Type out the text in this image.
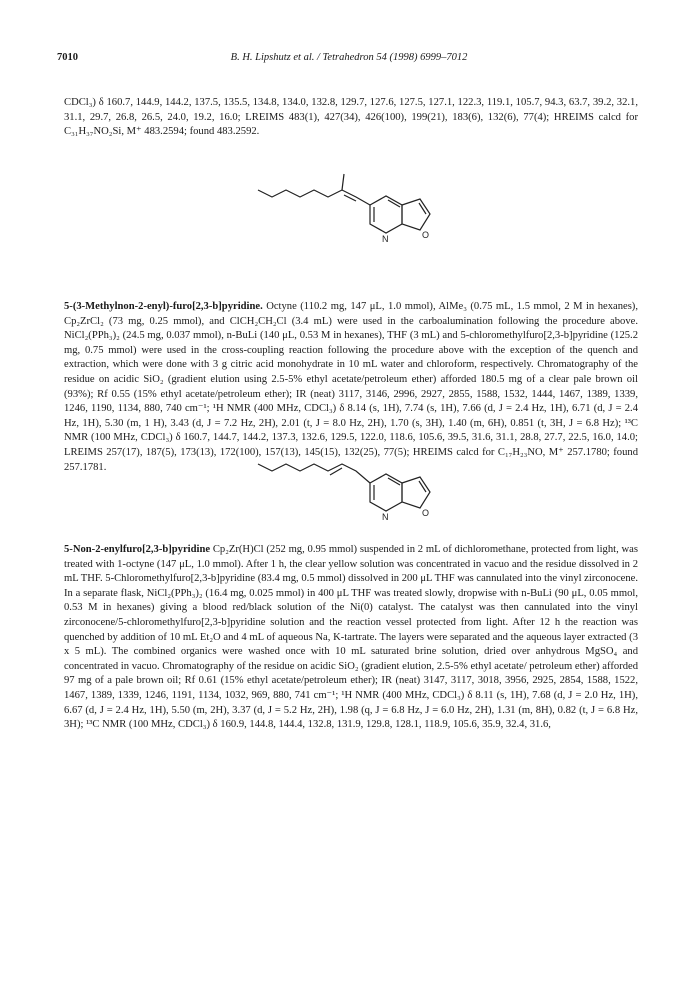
7010	B. H. Lipshutz et al. / Tetrahedron 54 (1998) 6999–7012

CDCl₃) δ 160.7, 144.9, 144.2, 137.5, 135.5, 134.8, 134.0, 132.8, 129.7, 127.6, 127.5, 127.1, 122.3, 119.1, 105.7, 94.3, 63.7, 39.2, 32.1, 31.1, 29.7, 26.8, 26.5, 24.0, 19.2, 16.0; LREIMS 483(1), 427(34), 426(100), 199(21), 183(6), 132(6), 77(4); HREIMS calcd for C₃₁H₃₇NO₂Si, M⁺ 483.2594; found 483.2592.

N	O

5-(3-Methylnon-2-enyl)-furo[2,3-b]pyridine. Octyne (110.2 mg, 147 μL, 1.0 mmol), AlMe₃ (0.75 mL, 1.5 mmol, 2 M in hexanes), Cp₂ZrCl₂ (73 mg, 0.25 mmol), and ClCH₂CH₂Cl (3.4 mL) were used in the carboalumination following the procedure above. NiCl₂(PPh₃)₂ (24.5 mg, 0.037 mmol), n-BuLi (140 μL, 0.53 M in hexanes), THF (3 mL) and 5-chloromethylfuro[2,3-b]pyridine (125.2 mg, 0.75 mmol) were used in the cross-coupling reaction following the procedure above with the exception of the quench and extraction, which were done with 3 g citric acid monohydrate in 10 mL water and chloroform, respectively. Chromatography of the residue on acidic SiO₂ (gradient elution using 2.5-5% ethyl acetate/petroleum ether) afforded 180.5 mg of a clear pale brown oil (93%); Rf 0.55 (15% ethyl acetate/petroleum ether); IR (neat) 3117, 3146, 2996, 2927, 2855, 1588, 1532, 1444, 1467, 1389, 1339, 1246, 1190, 1134, 880, 740 cm⁻¹; ¹H NMR (400 MHz, CDCl₃) δ 8.14 (s, 1H), 7.74 (s, 1H), 7.66 (d, J = 2.4 Hz, 1H), 6.71 (d, J = 2.4 Hz, 1H), 5.30 (m, 1 H), 3.43 (d, J = 7.2 Hz, 2H), 2.01 (t, J = 8.0 Hz, 2H), 1.70 (s, 3H), 1.40 (m, 6H), 0.851 (t, 3H, J = 6.8 Hz); ¹³C NMR (100 MHz, CDCl₃) δ 160.7, 144.7, 144.2, 137.3, 132.6, 129.5, 122.0, 118.6, 105.6, 39.5, 31.6, 31.1, 28.8, 27.7, 22.5, 16.0, 14.0; LREIMS 257(17), 187(5), 173(13), 172(100), 157(13), 145(15), 132(25), 77(5); HREIMS calcd for C₁₇H₂₃NO, M⁺ 257.1780; found 257.1781.

N	O

5-Non-2-enylfuro[2,3-b]pyridine Cp₂Zr(H)Cl (252 mg, 0.95 mmol) suspended in 2 mL of dichloromethane, protected from light, was treated with 1-octyne (147 μL, 1.0 mmol). After 1 h, the clear yellow solution was concentrated in vacuo and the residue dissolved in 2 mL THF. 5-Chloromethylfuro[2,3-b]pyridine (83.4 mg, 0.5 mmol) dissolved in 200 μL THF was cannulated into the vinyl zirconocene. In a separate flask, NiCl₂(PPh₃)₂ (16.4 mg, 0.025 mmol) in 400 μL THF was treated slowly, dropwise with n-BuLi (90 μL, 0.05 mmol, 0.53 M in hexanes) giving a blood red/black solution of the Ni(0) catalyst. The catalyst was then cannulated into the vinyl zirconocene/5-chloromethylfuro[2,3-b]pyridine solution and the reaction vessel protected from light. After 12 h the reaction was quenched by addition of 10 mL Et₂O and 4 mL of aqueous Na, K-tartrate. The layers were separated and the aqueous layer extracted (3 x 5 mL). The combined organics were washed once with 10 mL saturated brine solution, dried over anhydrous MgSO₄ and concentrated in vacuo. Chromatography of the residue on acidic SiO₂ (gradient elution, 2.5-5% ethyl acetate/ petroleum ether) afforded 97 mg of a pale brown oil; Rf 0.61 (15% ethyl acetate/petroleum ether); IR (neat) 3147, 3117, 3018, 3956, 2925, 2854, 1588, 1522, 1467, 1389, 1339, 1246, 1191, 1134, 1032, 969, 880, 741 cm⁻¹; ¹H NMR (400 MHz, CDCl₃) δ 8.11 (s, 1H), 7.68 (d, J = 2.0 Hz, 1H), 6.67 (d, J = 2.4 Hz, 1H), 5.50 (m, 2H), 3.37 (d, J = 5.2 Hz, 2H), 1.98 (q, J = 6.8 Hz, J = 6.0 Hz, 2H), 1.31 (m, 8H), 0.82 (t, J = 6.8 Hz, 3H); ¹³C NMR (100 MHz, CDCl₃) δ 160.9, 144.8, 144.4, 132.8, 131.9, 129.8, 128.1, 118.9, 105.6, 35.9, 32.4, 31.6,
